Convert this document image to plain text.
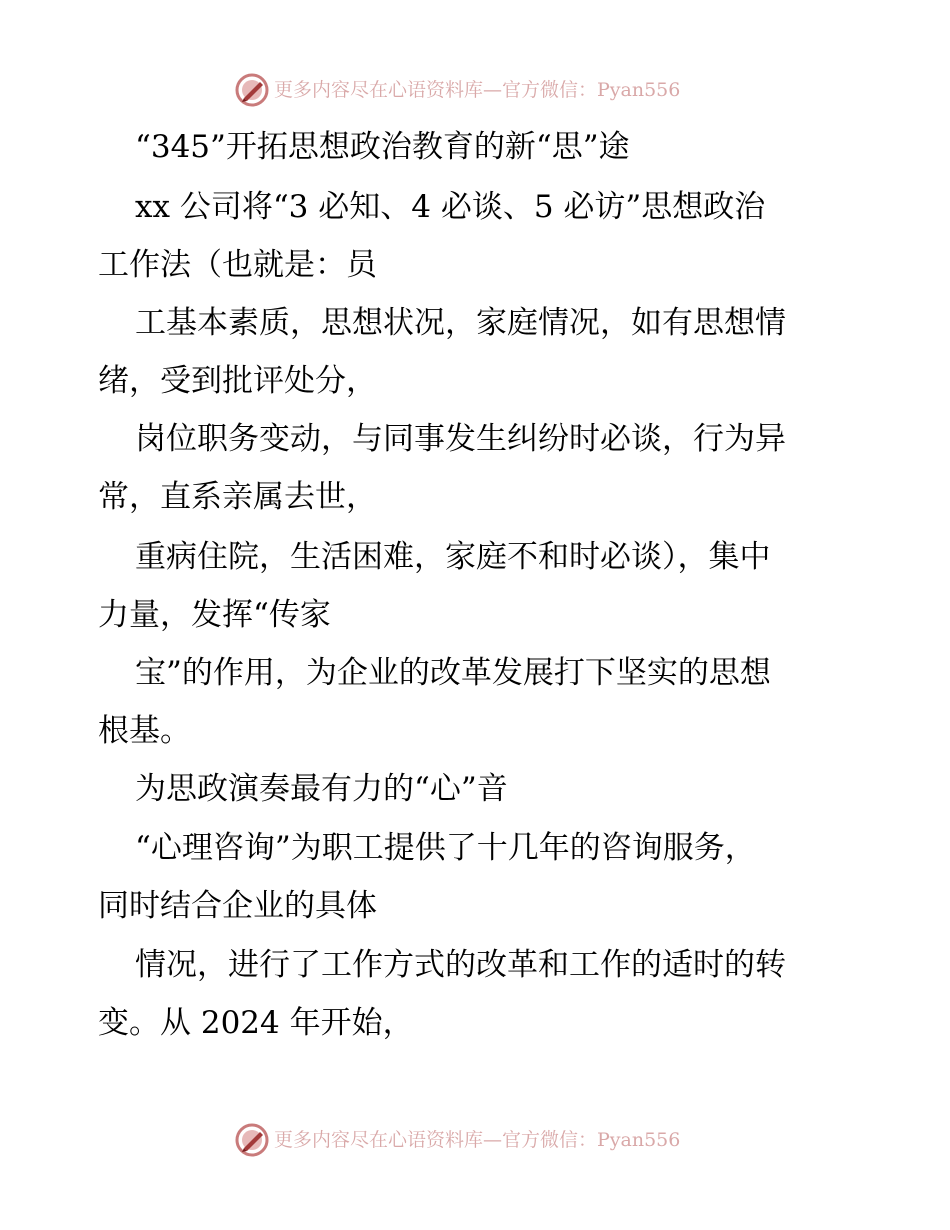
更多内容尽在心语资料库—官方微信：Pyan556
“345”开拓思想政治教育的新“思”途
xx 公司将“3 必知、4 必谈、5 必访”思想政治
工作法（也就是：员
工基本素质，思想状况，家庭情况，如有思想情
绪，受到批评处分，
岗位职务变动，与同事发生纠纷时必谈，行为异
常，直系亲属去世，
重病住院，生活困难，家庭不和时必谈），集中
力量，发挥“传家
宝”的作用，为企业的改革发展打下坚实的思想
根基。
为思政演奏最有力的“心”音
“心理咨询”为职工提供了十几年的咨询服务，
同时结合企业的具体
情况，进行了工作方式的改革和工作的适时的转
变。从 2024 年开始，
更多内容尽在心语资料库—官方微信：Pyan556
